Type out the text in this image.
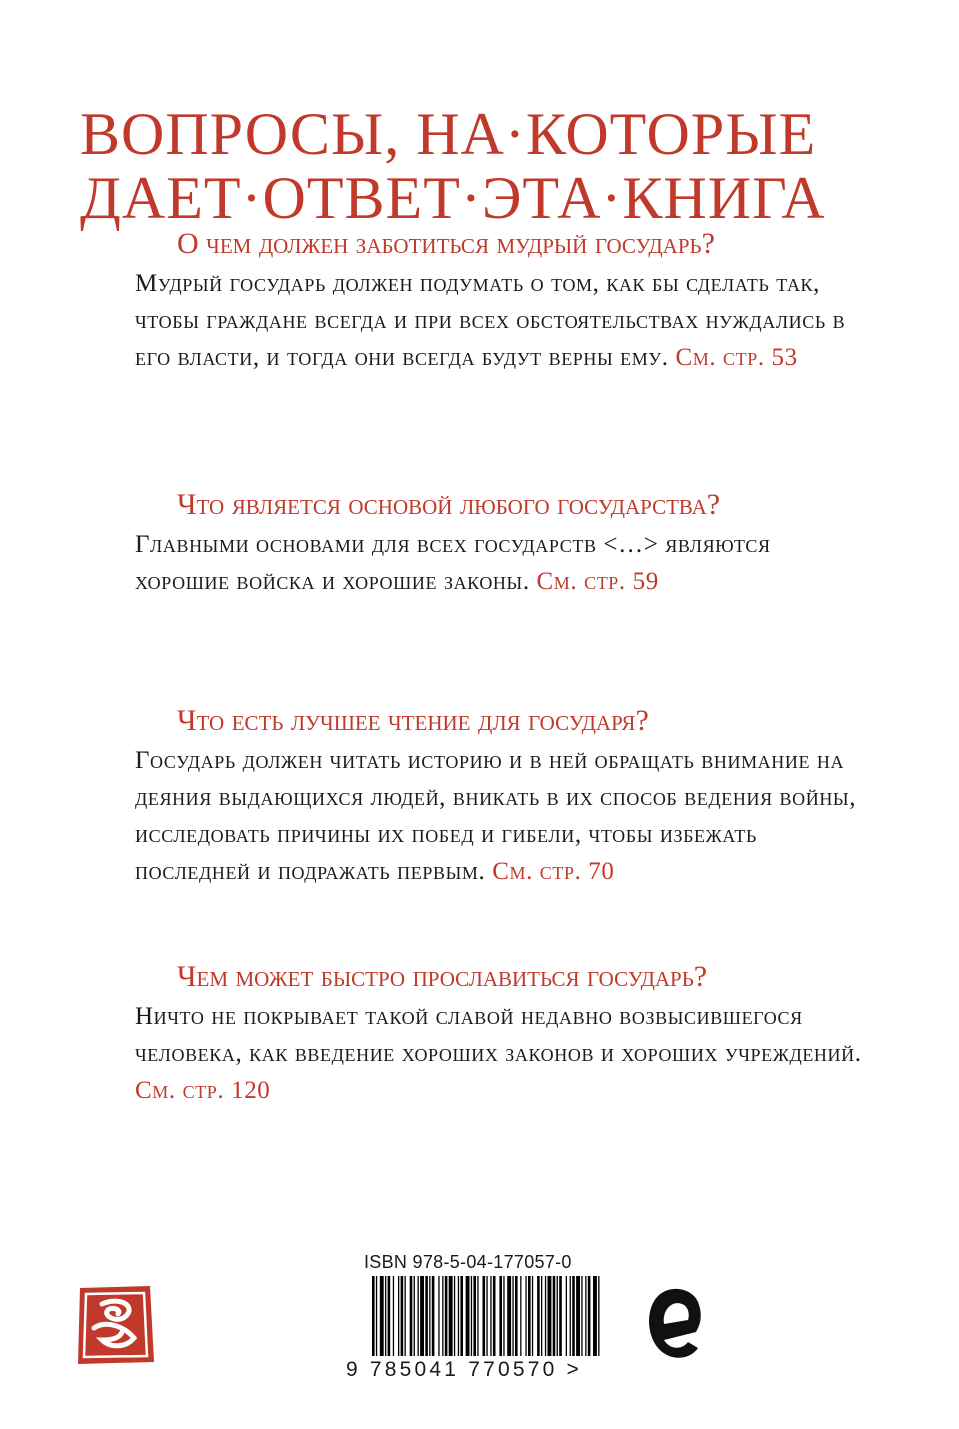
ВОПРОСЫ, НА·КОТОРЫЕ
ДАЕТ·ОТВЕТ·ЭТА·КНИГА

О чем должен заботиться мудрый государь?

Мудрый государь должен подумать о том, как бы сделать так, чтобы граждане всегда и при всех обстоятельствах нуждались в его власти, и тогда они всегда будут верны ему. См. стр. 53

Что является основой любого государства?

Главными основами для всех государств <…> являются хорошие войска и хорошие законы. См. стр. 59

Что есть лучшее чтение для государя?

Государь должен читать историю и в ней обращать внимание на деяния выдающихся людей, вникать в их способ ведения войны, исследовать причины их побед и гибели, чтобы избежать последней и подражать первым. См. стр. 70

Чем может быстро прославиться государь?

Ничто не покрывает такой славой недавно возвысившегося человека, как введение хороших законов и хороших учреждений. См. стр. 120

ISBN 978-5-04-177057-0
9 785041 770570 >
